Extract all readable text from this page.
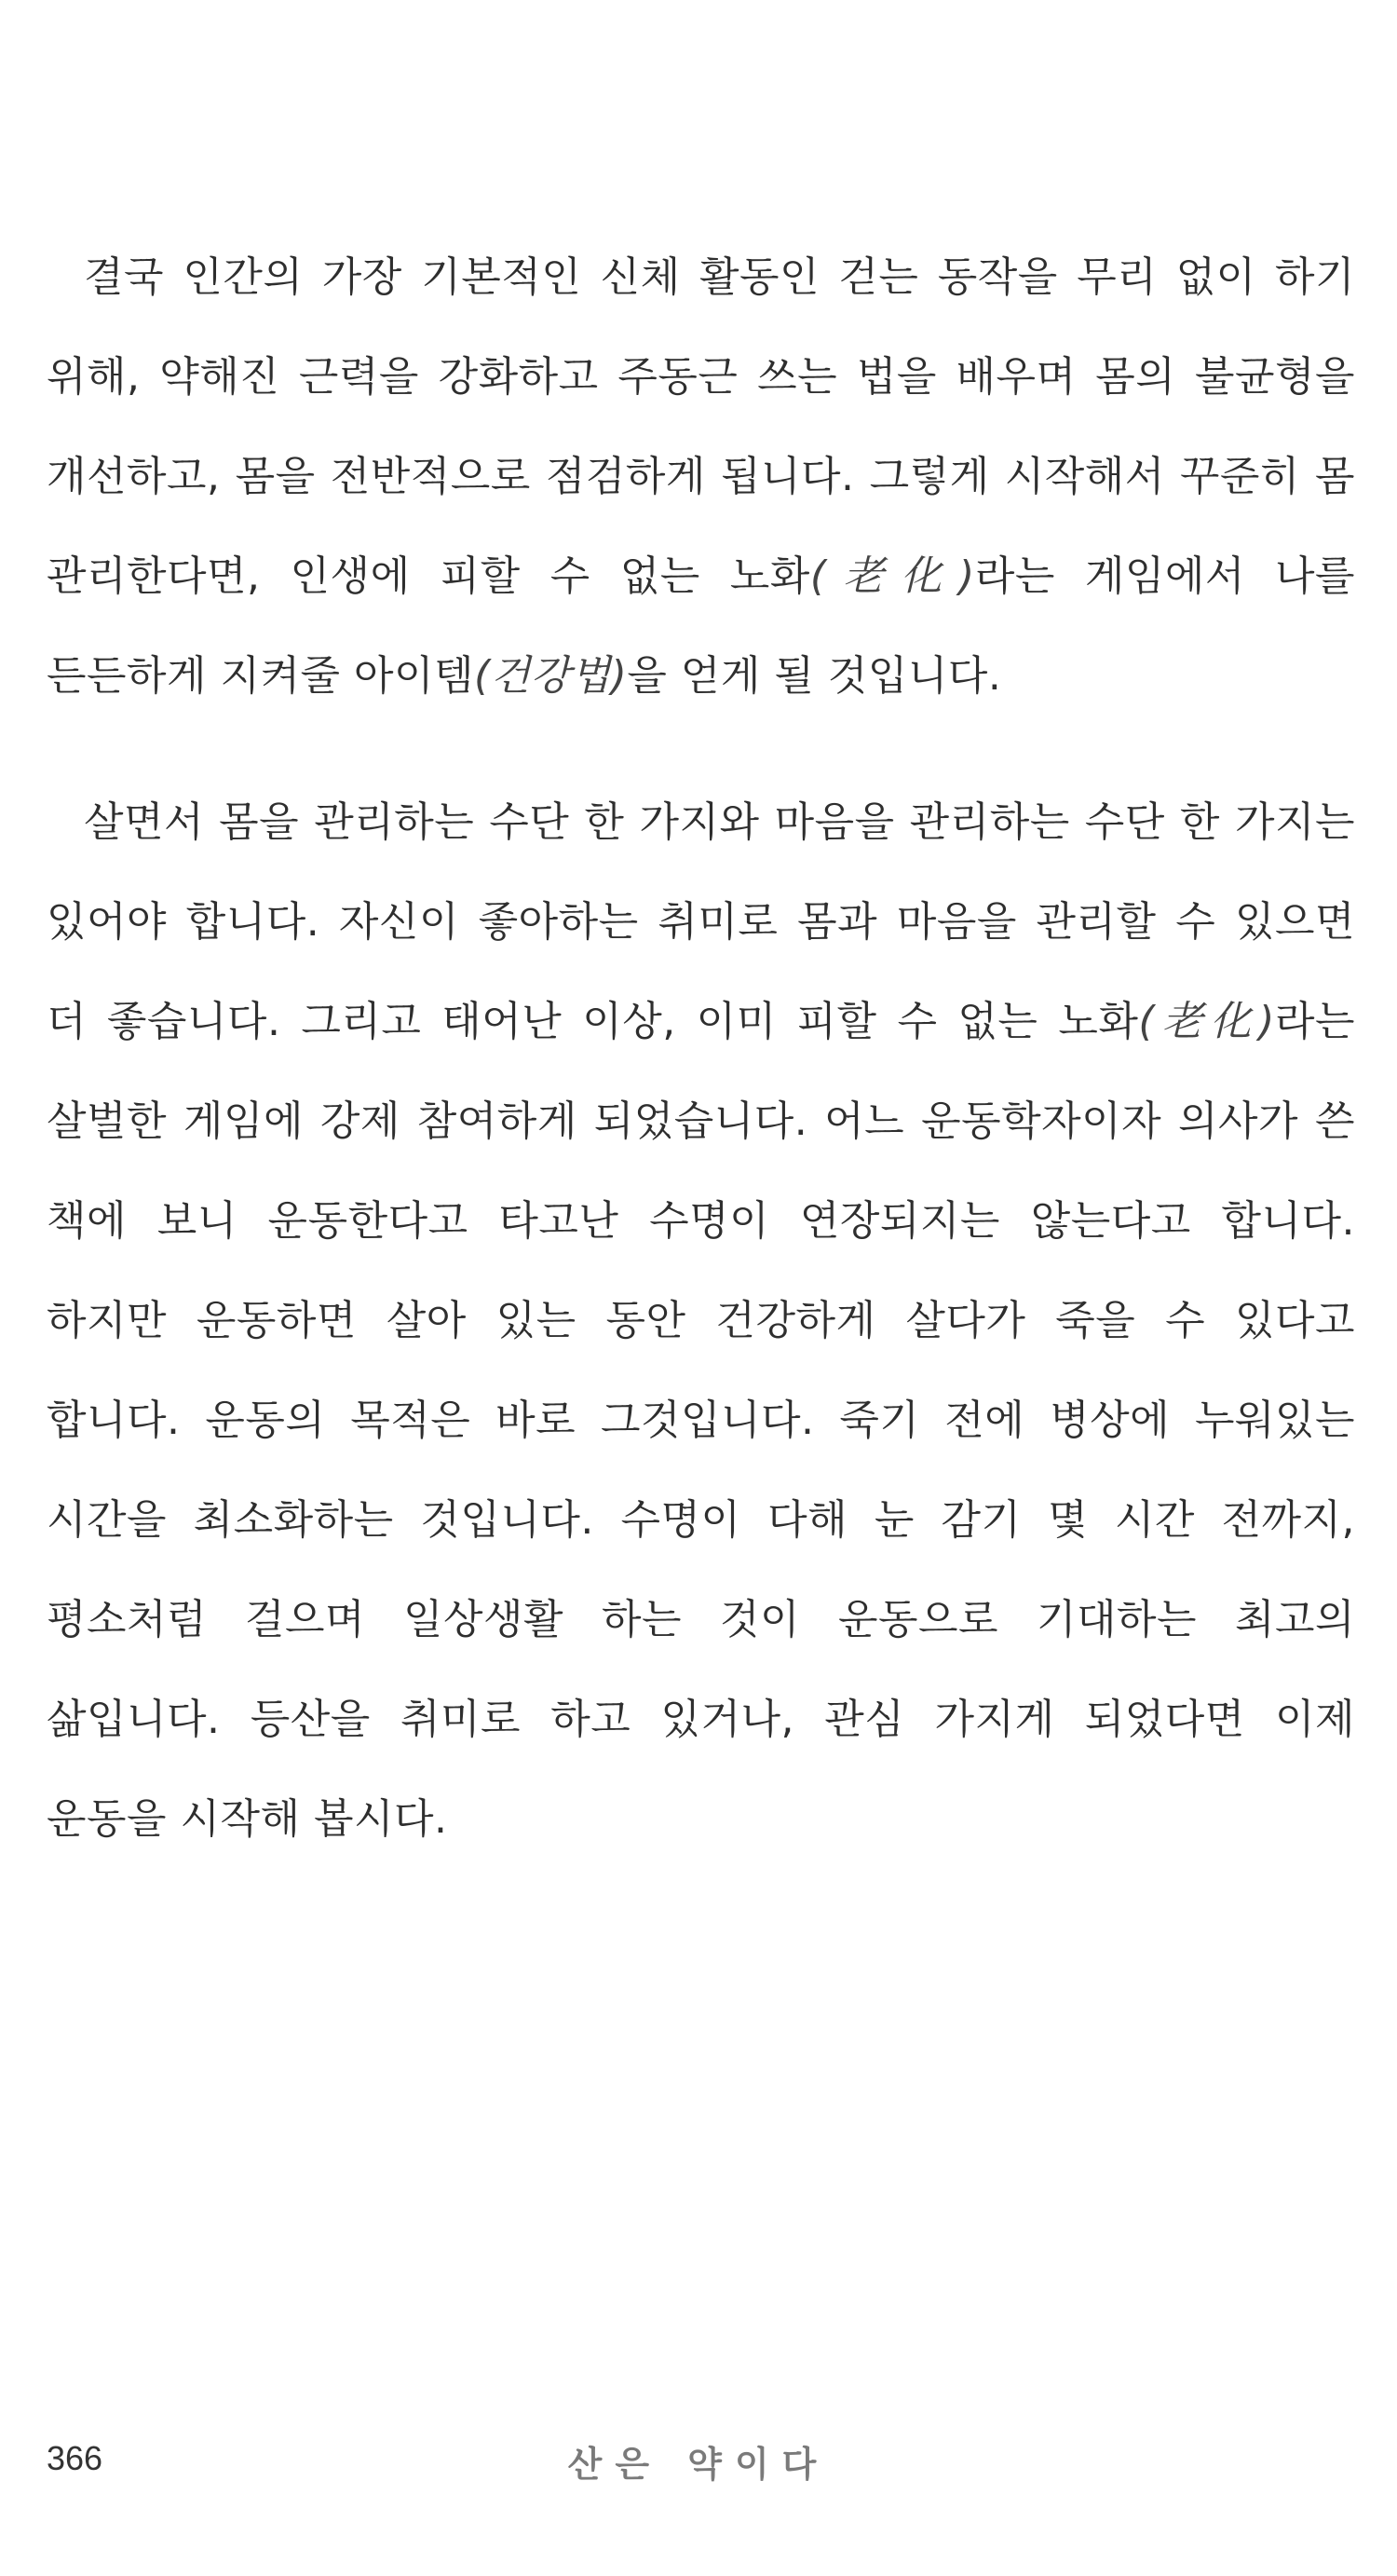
결국 인간의 가장 기본적인 신체 활동인 걷는 동작을 무리 없이 하기 위해, 약해진 근력을 강화하고 주동근 쓰는 법을 배우며 몸의 불균형을 개선하고, 몸을 전반적으로 점검하게 됩니다. 그렇게 시작해서 꾸준히 몸 관리한다면, 인생에 피할 수 없는 노화(老化)라는 게임에서 나를 든든하게 지켜줄 아이템(건강법)을 얻게 될 것입니다.

살면서 몸을 관리하는 수단 한 가지와 마음을 관리하는 수단 한 가지는 있어야 합니다. 자신이 좋아하는 취미로 몸과 마음을 관리할 수 있으면 더 좋습니다. 그리고 태어난 이상, 이미 피할 수 없는 노화(老化)라는 살벌한 게임에 강제 참여하게 되었습니다. 어느 운동학자이자 의사가 쓴 책에 보니 운동한다고 타고난 수명이 연장되지는 않는다고 합니다. 하지만 운동하면 살아 있는 동안 건강하게 살다가 죽을 수 있다고 합니다. 운동의 목적은 바로 그것입니다. 죽기 전에 병상에 누워있는 시간을 최소화하는 것입니다. 수명이 다해 눈 감기 몇 시간 전까지, 평소처럼 걸으며 일상생활 하는 것이 운동으로 기대하는 최고의 삶입니다. 등산을 취미로 하고 있거나, 관심 가지게 되었다면 이제 운동을 시작해 봅시다.

366	산은 약이다
